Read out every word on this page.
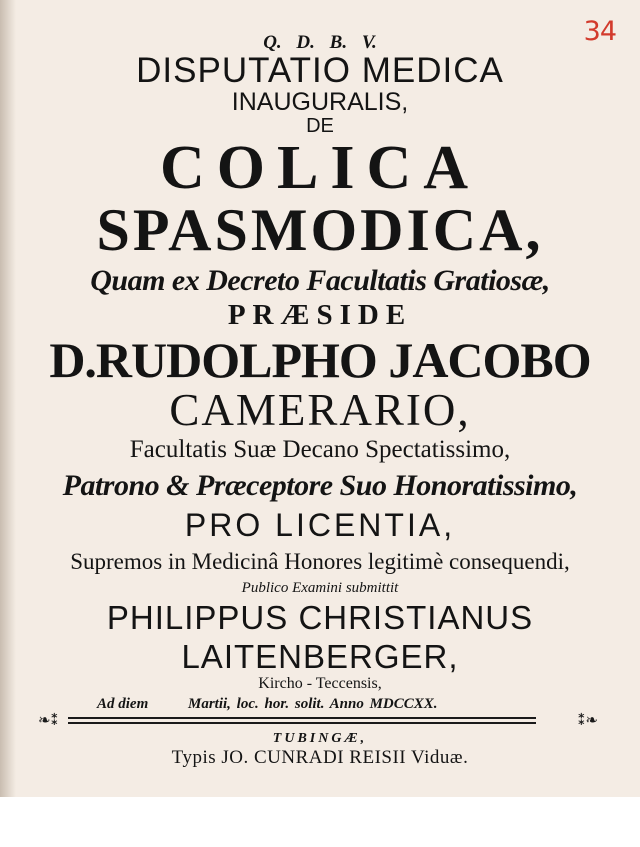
34
Q. D. B. V.
DISPUTATIO MEDICA
INAUGURALIS,
DE
COLICA
SPASMODICA,
Quam ex Decreto Facultatis Gratiosæ,
PRÆSIDE
D.RUDOLPHO JACOBO
CAMERARIO,
Facultatis Suæ Decano Spectatissimo,
Patrono & Præceptore Suo Honoratissimo,
PRO LICENTIA,
Supremos in Medicinâ Honores legitimè consequendi,
Publico Examini submittit
PHILIPPUS CHRISTIANUS
LAITENBERGER,
Kircho - Teccensis,
Ad diem	Martii, loc. hor. solit. Anno MDCCXX.
❧⁑	⁑❧
TUBINGÆ,
Typis JO. CUNRADI REISII Viduæ.
